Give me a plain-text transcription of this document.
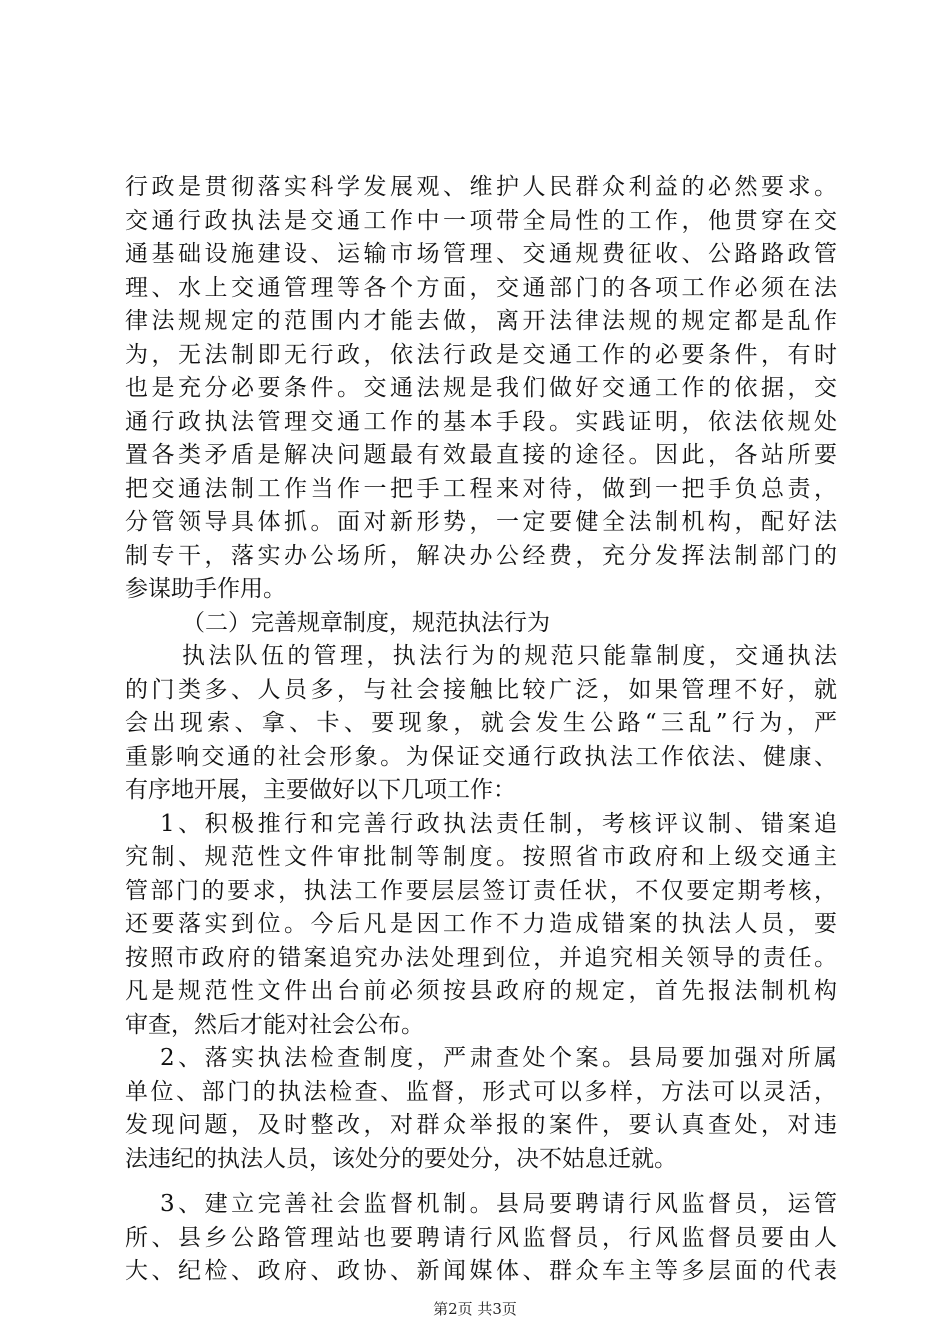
行政是贯彻落实科学发展观、维护人民群众利益的必然要求。
交通行政执法是交通工作中一项带全局性的工作，他贯穿在交
通基础设施建设、运输市场管理、交通规费征收、公路路政管
理、水上交通管理等各个方面，交通部门的各项工作必须在法
律法规规定的范围内才能去做，离开法律法规的规定都是乱作
为，无法制即无行政，依法行政是交通工作的必要条件，有时
也是充分必要条件。交通法规是我们做好交通工作的依据，交
通行政执法管理交通工作的基本手段。实践证明，依法依规处
置各类矛盾是解决问题最有效最直接的途径。因此，各站所要
把交通法制工作当作一把手工程来对待，做到一把手负总责，
分管领导具体抓。面对新形势，一定要健全法制机构，配好法
制专干，落实办公场所，解决办公经费，充分发挥法制部门的
参谋助手作用。
（二）完善规章制度，规范执法行为
执法队伍的管理，执法行为的规范只能靠制度，交通执法
的门类多、人员多，与社会接触比较广泛，如果管理不好，就
会出现索、拿、卡、要现象，就会发生公路“三乱”行为，严
重影响交通的社会形象。为保证交通行政执法工作依法、健康、
有序地开展，主要做好以下几项工作：
1、积极推行和完善行政执法责任制，考核评议制、错案追
究制、规范性文件审批制等制度。按照省市政府和上级交通主
管部门的要求，执法工作要层层签订责任状，不仅要定期考核，
还要落实到位。今后凡是因工作不力造成错案的执法人员，要
按照市政府的错案追究办法处理到位，并追究相关领导的责任。
凡是规范性文件出台前必须按县政府的规定，首先报法制机构
审查，然后才能对社会公布。
2、落实执法检查制度，严肃查处个案。县局要加强对所属
单位、部门的执法检查、监督，形式可以多样，方法可以灵活，
发现问题，及时整改，对群众举报的案件，要认真查处，对违
法违纪的执法人员，该处分的要处分，决不姑息迁就。
3、建立完善社会监督机制。县局要聘请行风监督员，运管
所、县乡公路管理站也要聘请行风监督员，行风监督员要由人
大、纪检、政府、政协、新闻媒体、群众车主等多层面的代表
第2页 共3页
